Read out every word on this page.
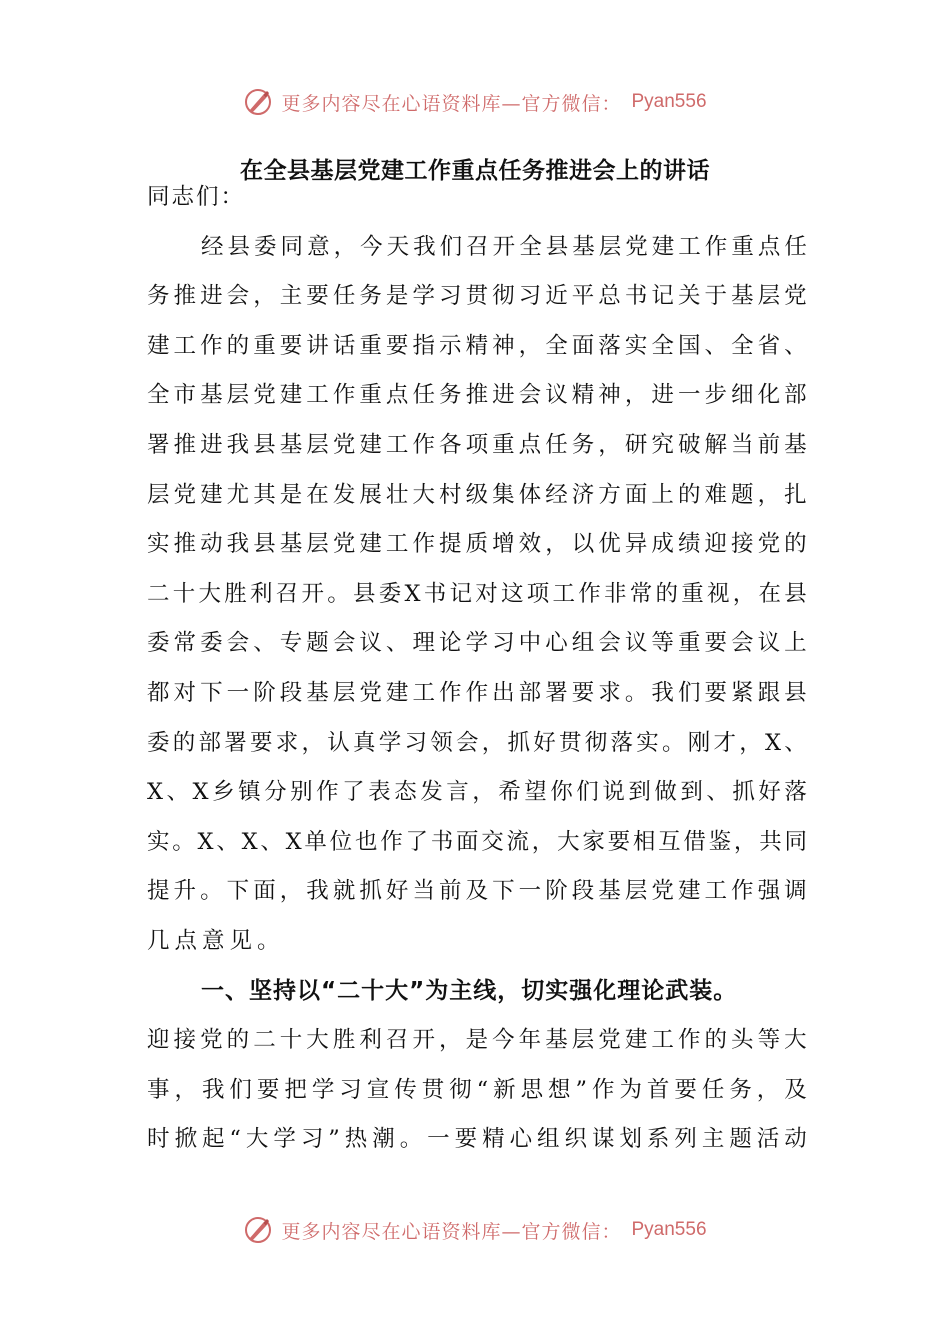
更多内容尽在心语资料库—官方微信： Pyan556
在全县基层党建工作重点任务推进会上的讲话
同志们：
经 县 委 同 意 ， 今 天 我 们 召 开 全 县 基 层 党 建 工 作 重 点 任
务 推 进 会 ， 主 要 任 务 是 学 习 贯 彻 习 近 平 总 书 记 关 于 基 层 党
建 工 作 的 重 要 讲 话 重 要 指 示 精 神 ， 全 面 落 实 全 国 、 全 省 、
全 市 基 层 党 建 工 作 重 点 任 务 推 进 会 议 精 神 ， 进 一 步 细 化 部
署 推 进 我 县 基 层 党 建 工 作 各 项 重 点 任 务 ， 研 究 破 解 当 前 基
层 党 建 尤 其 是 在 发 展 壮 大 村 级 集 体 经 济 方 面 上 的 难 题 ， 扎
实 推 动 我 县 基 层 党 建 工 作 提 质 增 效 ， 以 优 异 成 绩 迎 接 党 的
二 十 大 胜 利 召 开 。 县 委 X 书 记 对 这 项 工 作 非 常 的 重 视 ， 在 县
委 常 委 会 、 专 题 会 议 、 理 论 学 习 中 心 组 会 议 等 重 要 会 议 上
都 对 下 一 阶 段 基 层 党 建 工 作 作 出 部 署 要 求 。 我 们 要 紧 跟 县
委 的 部 署 要 求 ， 认 真 学 习 领 会 ， 抓 好 贯 彻 落 实 。 刚 才 ， X 、
X 、 X 乡 镇 分 别 作 了 表 态 发 言 ， 希 望 你 们 说 到 做 到 、 抓 好 落
实 。 X 、 X 、 X 单 位 也 作 了 书 面 交 流 ， 大 家 要 相 互 借 鉴 ， 共 同
提 升 。 下 面 ， 我 就 抓 好 当 前 及 下 一 阶 段 基 层 党 建 工 作 强 调
几点意见。
一、坚持以“二十大”为主线，切实强化理论武装。
迎 接 党 的 二 十 大 胜 利 召 开 ， 是 今 年 基 层 党 建 工 作 的 头 等 大
事 ， 我 们 要 把 学 习 宣 传 贯 彻 “ 新 思 想 ” 作 为 首 要 任 务 ， 及
时 掀 起 “ 大 学 习 ” 热 潮 。 一 要 精 心 组 织 谋 划 系 列 主 题 活 动
更多内容尽在心语资料库—官方微信： Pyan556
